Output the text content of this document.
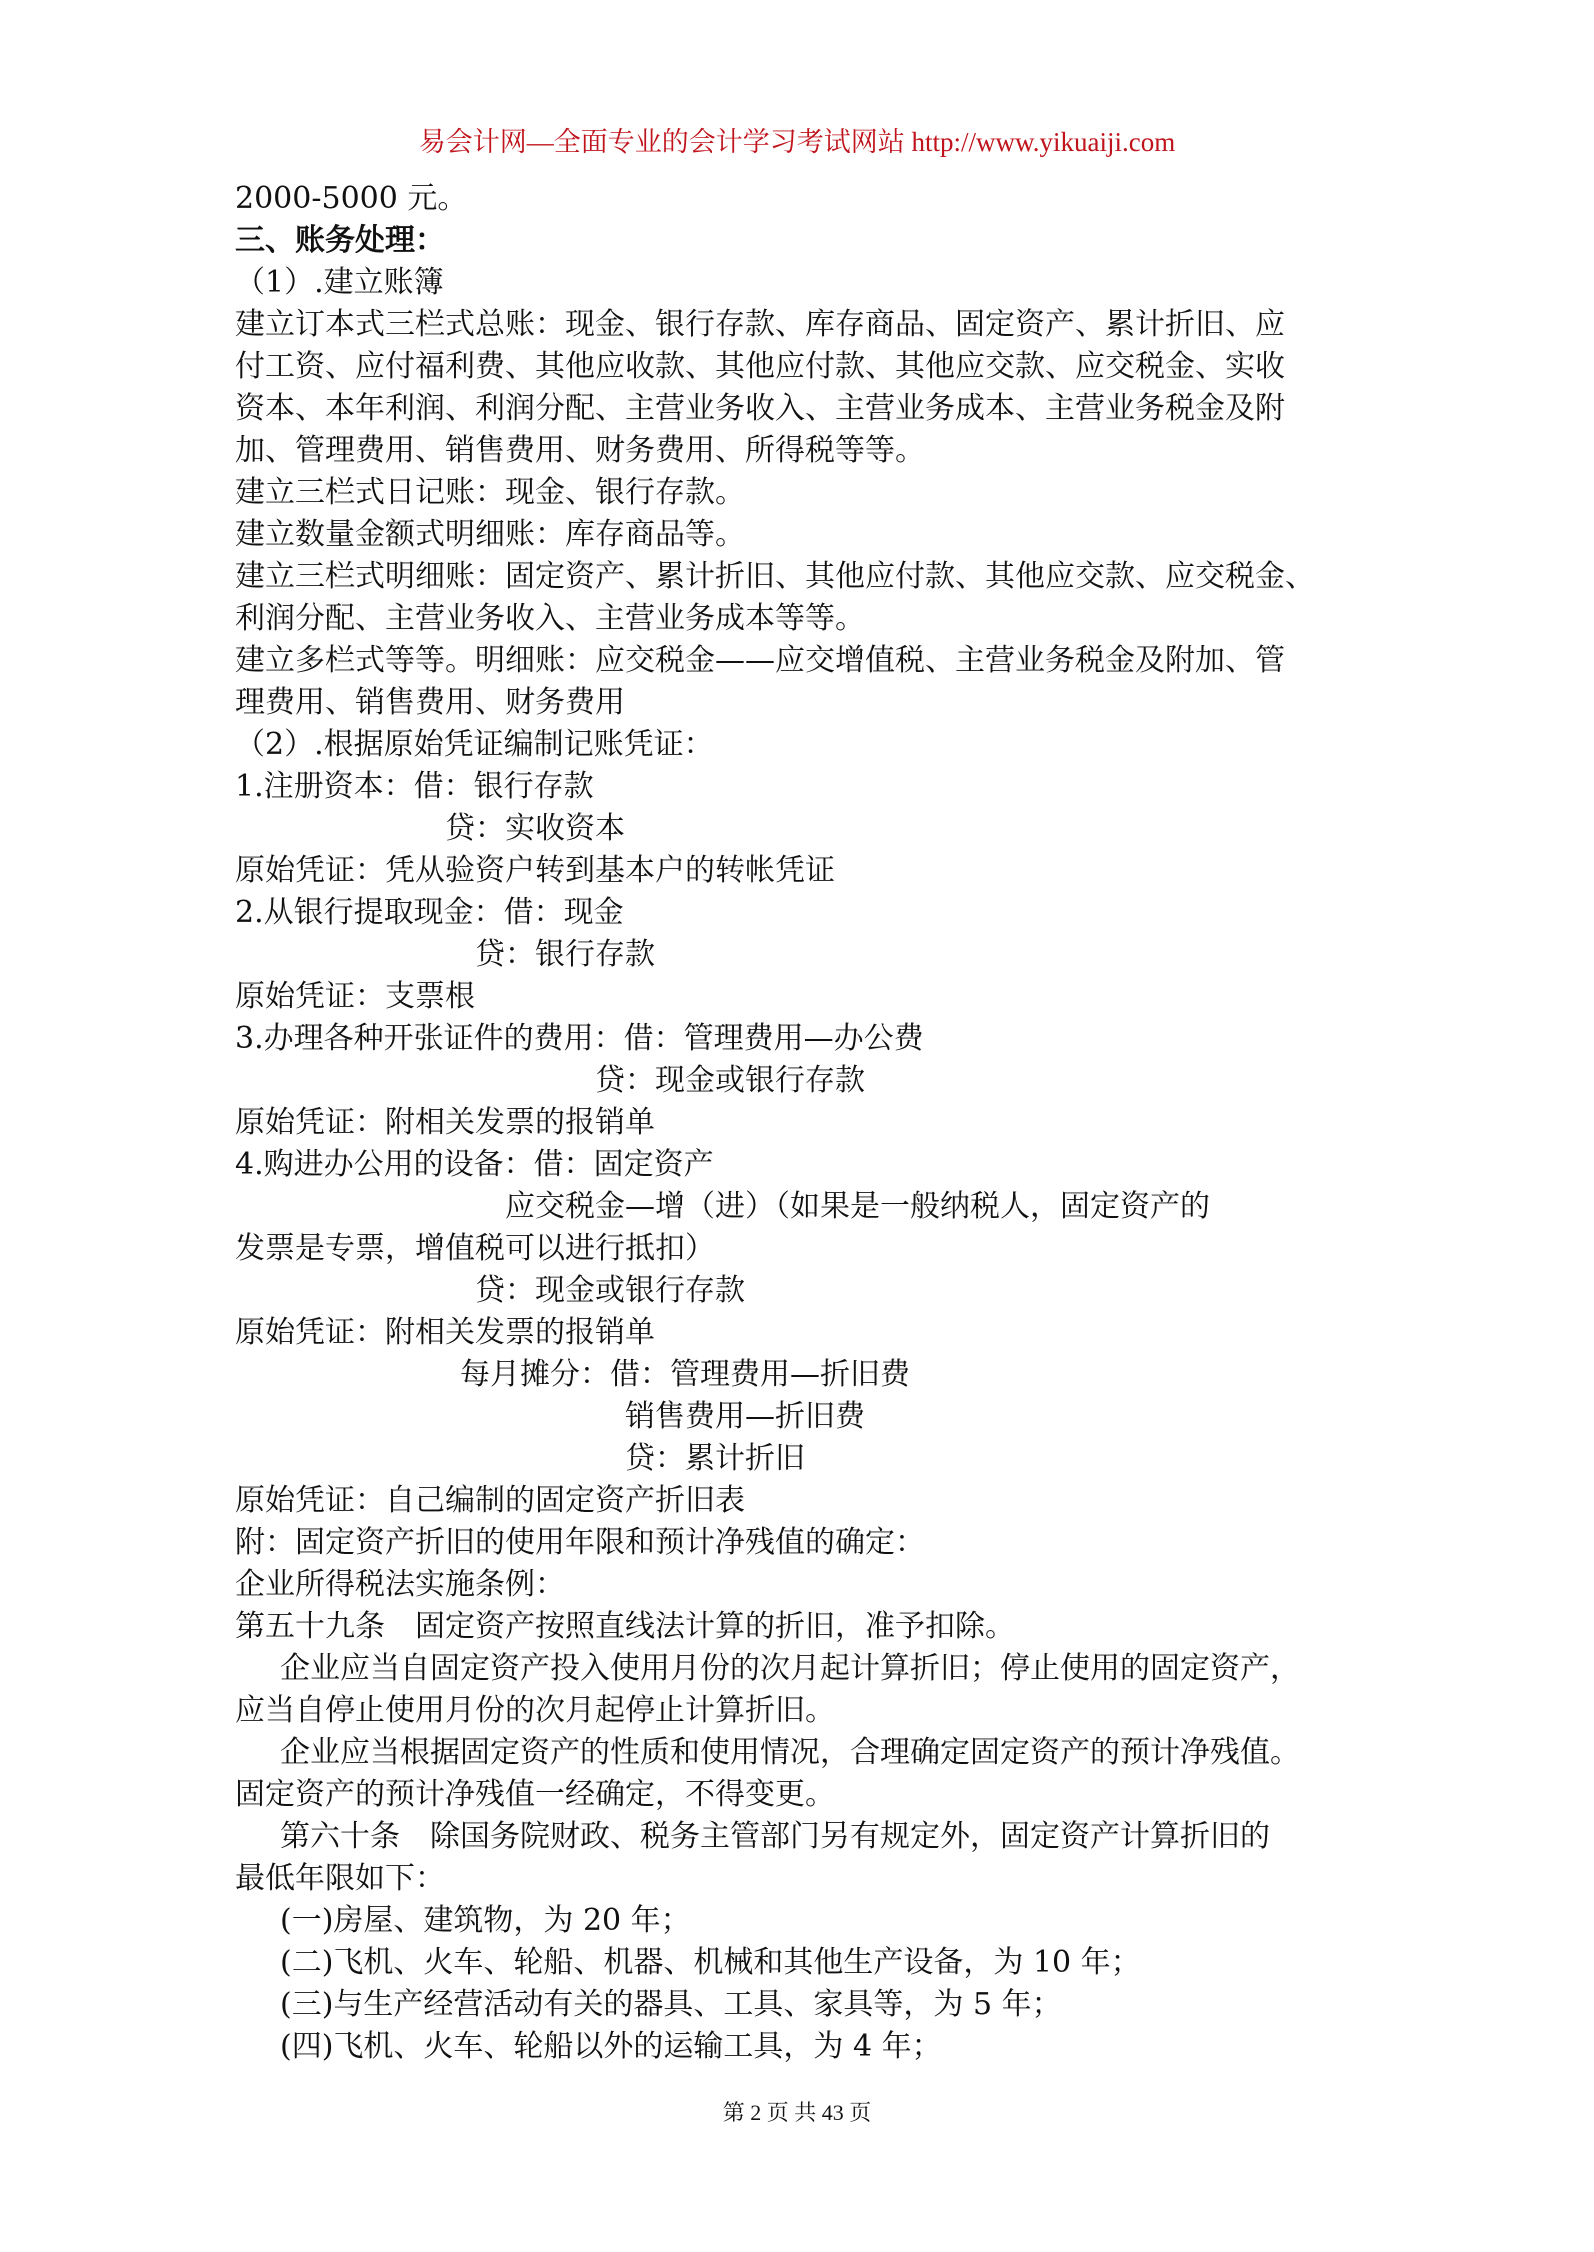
易会计网—全面专业的会计学习考试网站 http://www.yikuaiji.com
2000-5000 元。
三、账务处理：
（1）.建立账簿
建立订本式三栏式总账：现金、银行存款、库存商品、固定资产、累计折旧、应
付工资、应付福利费、其他应收款、其他应付款、其他应交款、应交税金、实收
资本、本年利润、利润分配、主营业务收入、主营业务成本、主营业务税金及附
加、管理费用、销售费用、财务费用、所得税等等。
建立三栏式日记账：现金、银行存款。
建立数量金额式明细账：库存商品等。
建立三栏式明细账：固定资产、累计折旧、其他应付款、其他应交款、应交税金、
利润分配、主营业务收入、主营业务成本等等。
建立多栏式等等。明细账：应交税金——应交增值税、主营业务税金及附加、管
理费用、销售费用、财务费用
（2）.根据原始凭证编制记账凭证：
1.注册资本：借：银行存款
贷：实收资本
原始凭证：凭从验资户转到基本户的转帐凭证
2.从银行提取现金：借：现金
贷：银行存款
原始凭证：支票根
3.办理各种开张证件的费用：借：管理费用—办公费
贷：现金或银行存款
原始凭证：附相关发票的报销单
4.购进办公用的设备：借：固定资产
应交税金—增（进）（如果是一般纳税人，固定资产的
发票是专票，增值税可以进行抵扣）
贷：现金或银行存款
原始凭证：附相关发票的报销单
每月摊分：借：管理费用—折旧费
销售费用—折旧费
贷：累计折旧
原始凭证：自己编制的固定资产折旧表
附：固定资产折旧的使用年限和预计净残值的确定：
企业所得税法实施条例：
第五十九条　固定资产按照直线法计算的折旧，准予扣除。
企业应当自固定资产投入使用月份的次月起计算折旧；停止使用的固定资产，
应当自停止使用月份的次月起停止计算折旧。
企业应当根据固定资产的性质和使用情况，合理确定固定资产的预计净残值。
固定资产的预计净残值一经确定，不得变更。
第六十条　除国务院财政、税务主管部门另有规定外，固定资产计算折旧的
最低年限如下：
(一)房屋、建筑物，为 20 年；
(二)飞机、火车、轮船、机器、机械和其他生产设备，为 10 年；
(三)与生产经营活动有关的器具、工具、家具等，为 5 年；
(四)飞机、火车、轮船以外的运输工具，为 4 年；
第 2 页 共 43 页
